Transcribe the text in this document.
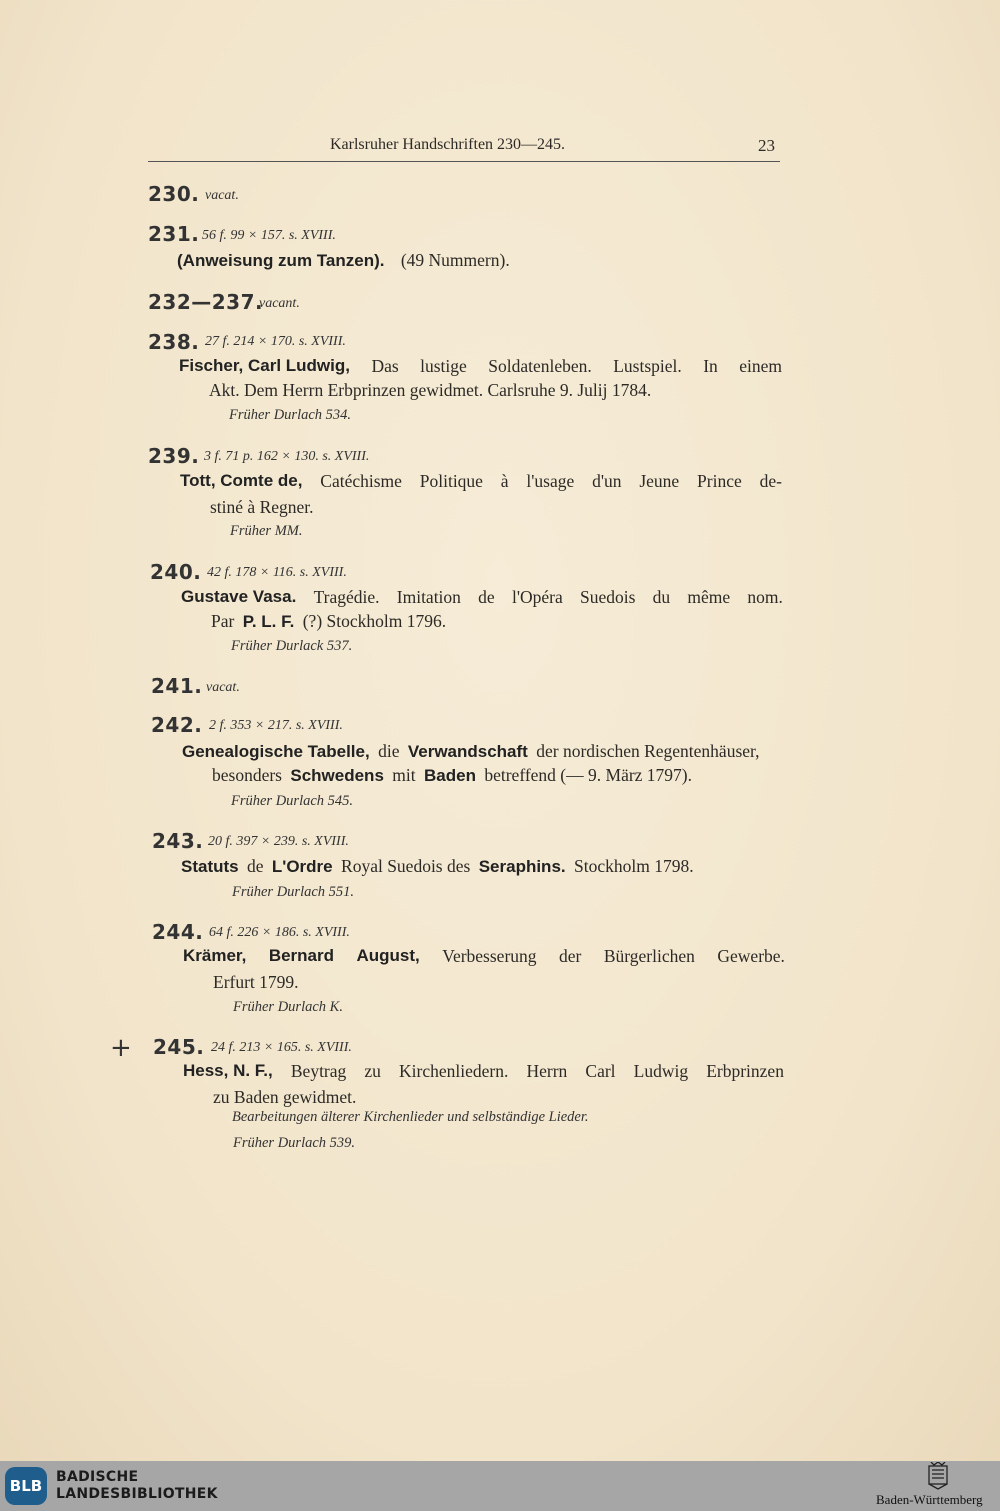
Karlsruher Handschriften 230—245.	23
230. vacat.
231. 56 f. 99 × 157. s. XVIII.
(Anweisung zum Tanzen). (49 Nummern).
232—237.
vacant.
238. 27 f. 214 × 170. s. XVIII.
Fischer, Carl Ludwig, Das lustige Soldatenleben. Lustspiel. In einem
Akt. Dem Herrn Erbprinzen gewidmet. Carlsruhe 9. Julij 1784.
Früher Durlach 534.
239. 3 f. 71 p. 162 × 130. s. XVIII.
Tott, Comte de, Catéchisme Politique à l'usage d'un Jeune Prince de-
stiné à Regner.
Früher MM.
240. 42 f. 178 × 116. s. XVIII.
Gustave Vasa. Tragédie. Imitation de l'Opéra Suedois du même nom.
Par P. L. F. (?) Stockholm 1796.
Früher Durlack 537.
241. vacat.
242. 2 f. 353 × 217. s. XVIII.
Genealogische Tabelle, die Verwandschaft der nordischen Regentenhäuser,
besonders Schwedens mit Baden betreffend (— 9. März 1797).
Früher Durlach 545.
243. 20 f. 397 × 239. s. XVIII.
Statuts de L'Ordre Royal Suedois des Seraphins. Stockholm 1798.
Früher Durlach 551.
244. 64 f. 226 × 186. s. XVIII.
Krämer, Bernard August, Verbesserung der Bürgerlichen Gewerbe.
Erfurt 1799.
Früher Durlach K.
+ 245. 24 f. 213 × 165. s. XVIII.
Hess, N. F., Beytrag zu Kirchenliedern. Herrn Carl Ludwig Erbprinzen
zu Baden gewidmet.
Bearbeitungen älterer Kirchenlieder und selbständige Lieder.
Früher Durlach 539.
BLB BADISCHE
LANDESBIBLIOTHEK	Baden-Württemberg
